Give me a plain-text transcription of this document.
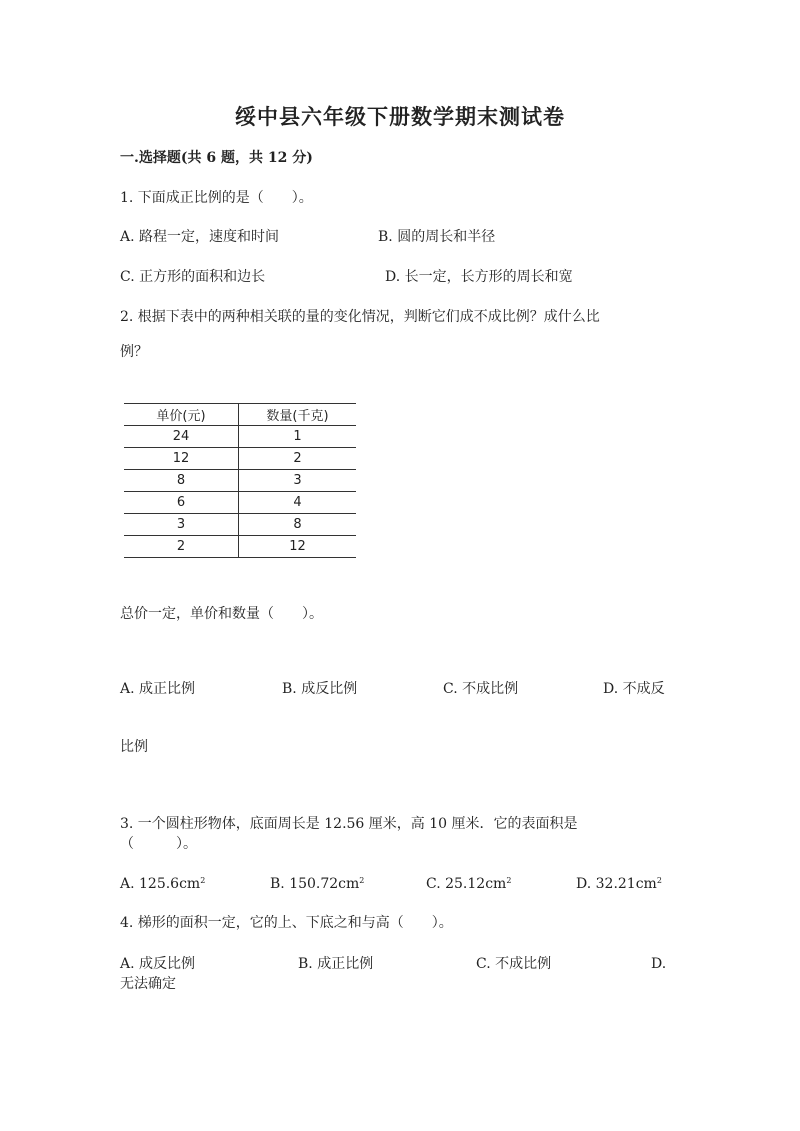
绥中县六年级下册数学期末测试卷
一.选择题(共 6 题，共 12 分)
1. 下面成正比例的是（　　）。
A. 路程一定，速度和时间	B. 圆的周长和半径
C. 正方形的面积和边长	D. 长一定，长方形的周长和宽
2. 根据下表中的两种相关联的量的变化情况，判断它们成不成比例？成什么比
例？
单价(元)	数量(千克)
24	1
12	2
8	3
6	4
3	8
2	12
总价一定，单价和数量（　　）。
A. 成正比例	B. 成反比例	C. 不成比例	D. 不成反
比例
3. 一个圆柱形物体，底面周长是 12.56 厘米，高 10 厘米．它的表面积是
（　　　）。
A. $125.6cm^2$	B. $150.72cm^2$	C. $25.12cm^2$	D. $32.21cm^2$
4. 梯形的面积一定，它的上、下底之和与高（　　）。
A. 成反比例	B. 成正比例	C. 不成比例	D.
无法确定
